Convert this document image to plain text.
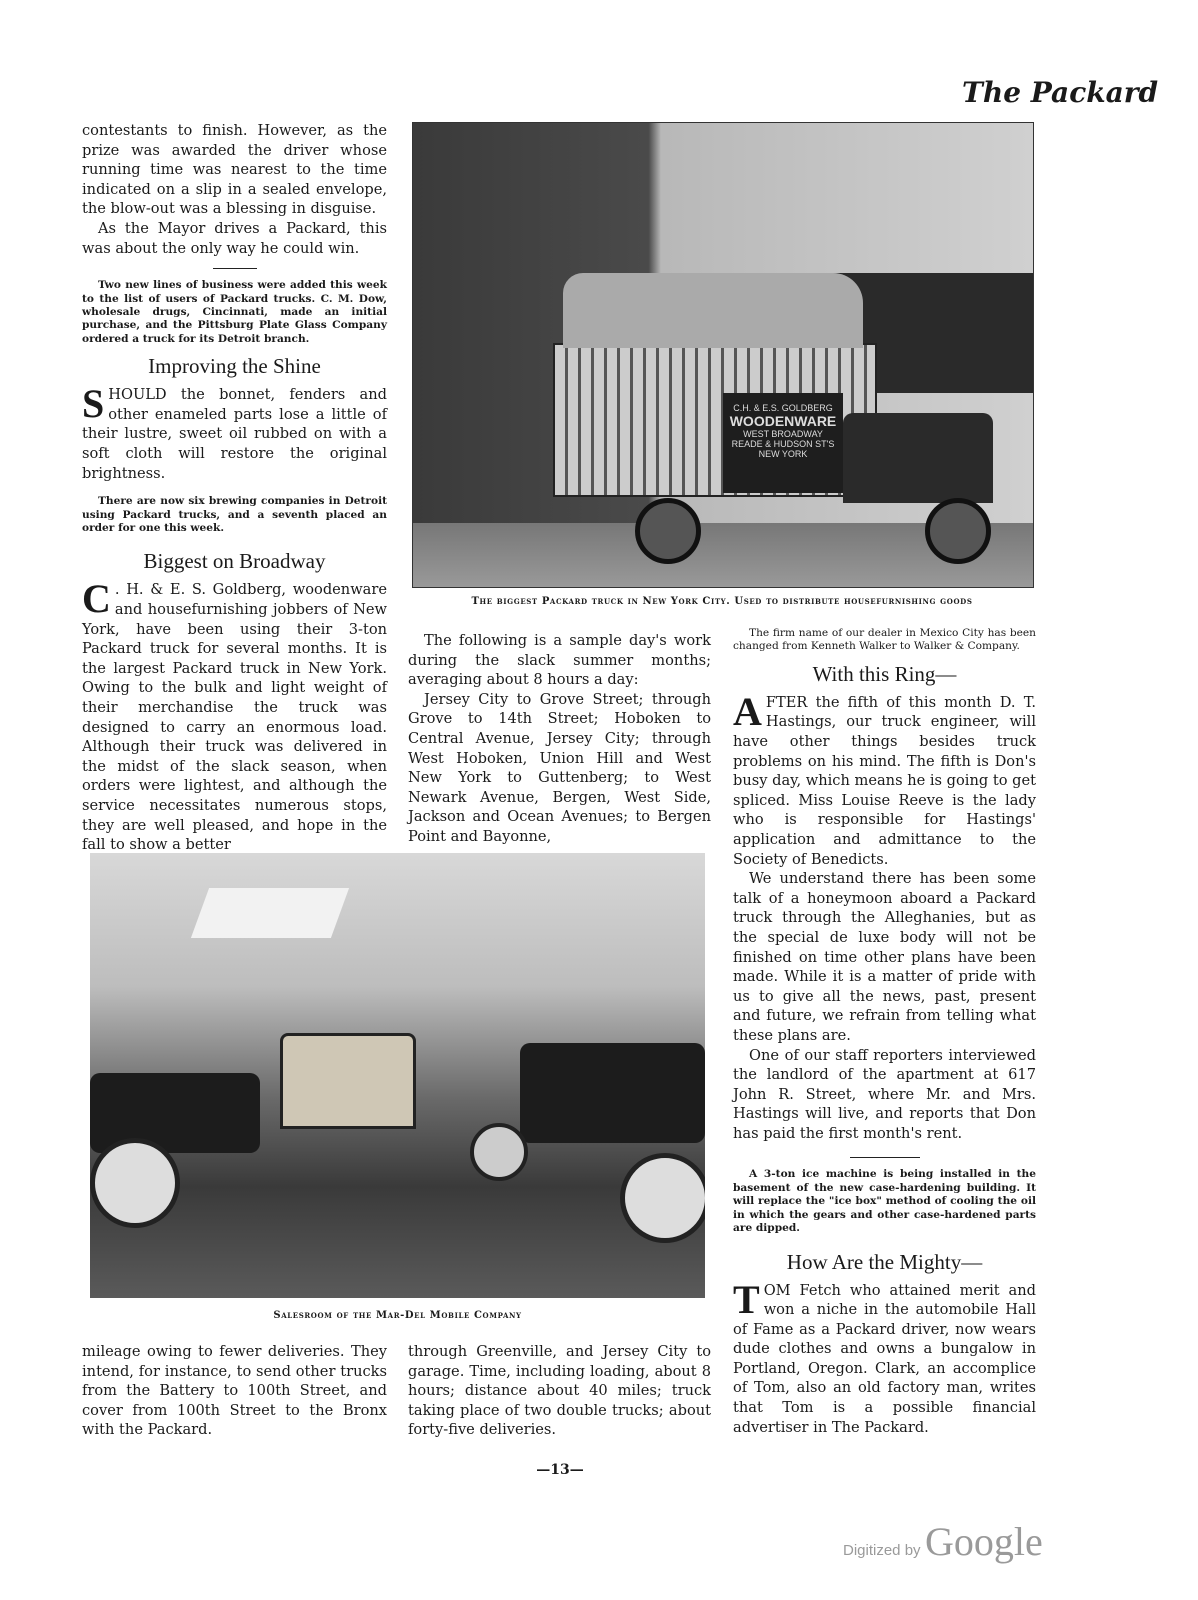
The Packard

contestants to finish. However, as the prize was awarded the driver whose running time was nearest to the time indicated on a slip in a sealed envelope, the blow-out was a blessing in disguise.

As the Mayor drives a Packard, this was about the only way he could win.

Two new lines of business were added this week to the list of users of Packard trucks. C. M. Dow, wholesale drugs, Cincinnati, made an initial purchase, and the Pittsburg Plate Glass Company ordered a truck for its Detroit branch.

Improving the Shine

SHOULD the bonnet, fenders and other enameled parts lose a little of their lustre, sweet oil rubbed on with a soft cloth will restore the original brightness.

There are now six brewing companies in Detroit using Packard trucks, and a seventh placed an order for one this week.

Biggest on Broadway

C . H. & E. S. Goldberg, woodenware and housefurnishing jobbers of New York, have been using their 3-ton Packard truck for several months. It is the largest Packard truck in New York. Owing to the bulk and light weight of their merchandise the truck was designed to carry an enormous load. Although their truck was delivered in the midst of the slack season, when orders were lightest, and although the service necessitates numerous stops, they are well pleased, and hope in the fall to show a better

C.H. & E.S. GOLDBERG
WOODENWARE
WEST BROADWAY
READE & HUDSON ST'S
NEW YORK
The biggest Packard truck in New York City. Used to distribute housefurnishing goods

The following is a sample day's work during the slack summer months; averaging about 8 hours a day:

Jersey City to Grove Street; through Grove to 14th Street; Hoboken to Central Avenue, Jersey City; through West Hoboken, Union Hill and West New York to Guttenberg; to West Newark Avenue, Bergen, West Side, Jackson and Ocean Avenues; to Bergen Point and Bayonne,

The firm name of our dealer in Mexico City has been changed from Kenneth Walker to Walker & Company.

With this Ring—

AFTER the fifth of this month D. T. Hastings, our truck engineer, will have other things besides truck problems on his mind. The fifth is Don's busy day, which means he is going to get spliced. Miss Louise Reeve is the lady who is responsible for Hastings' application and admittance to the Society of Benedicts.

We understand there has been some talk of a honeymoon aboard a Packard truck through the Alleghanies, but as the special de luxe body will not be finished on time other plans have been made. While it is a matter of pride with us to give all the news, past, present and future, we refrain from telling what these plans are.

One of our staff reporters interviewed the landlord of the apartment at 617 John R. Street, where Mr. and Mrs. Hastings will live, and reports that Don has paid the first month's rent.

A 3-ton ice machine is being installed in the basement of the new case-hardening building. It will replace the "ice box" method of cooling the oil in which the gears and other case-hardened parts are dipped.

How Are the Mighty—

TOM Fetch who attained merit and won a niche in the automobile Hall of Fame as a Packard driver, now wears dude clothes and owns a bungalow in Portland, Oregon. Clark, an accomplice of Tom, also an old factory man, writes that Tom is a possible financial advertiser in The Packard.

Salesroom of the Mar-Del Mobile Company

mileage owing to fewer deliveries. They intend, for instance, to send other trucks from the Battery to 100th Street, and cover from 100th Street to the Bronx with the Packard.

through Greenville, and Jersey City to garage. Time, including loading, about 8 hours; distance about 40 miles; truck taking place of two double trucks; about forty-five deliveries.

—13—
Digitized by Google
